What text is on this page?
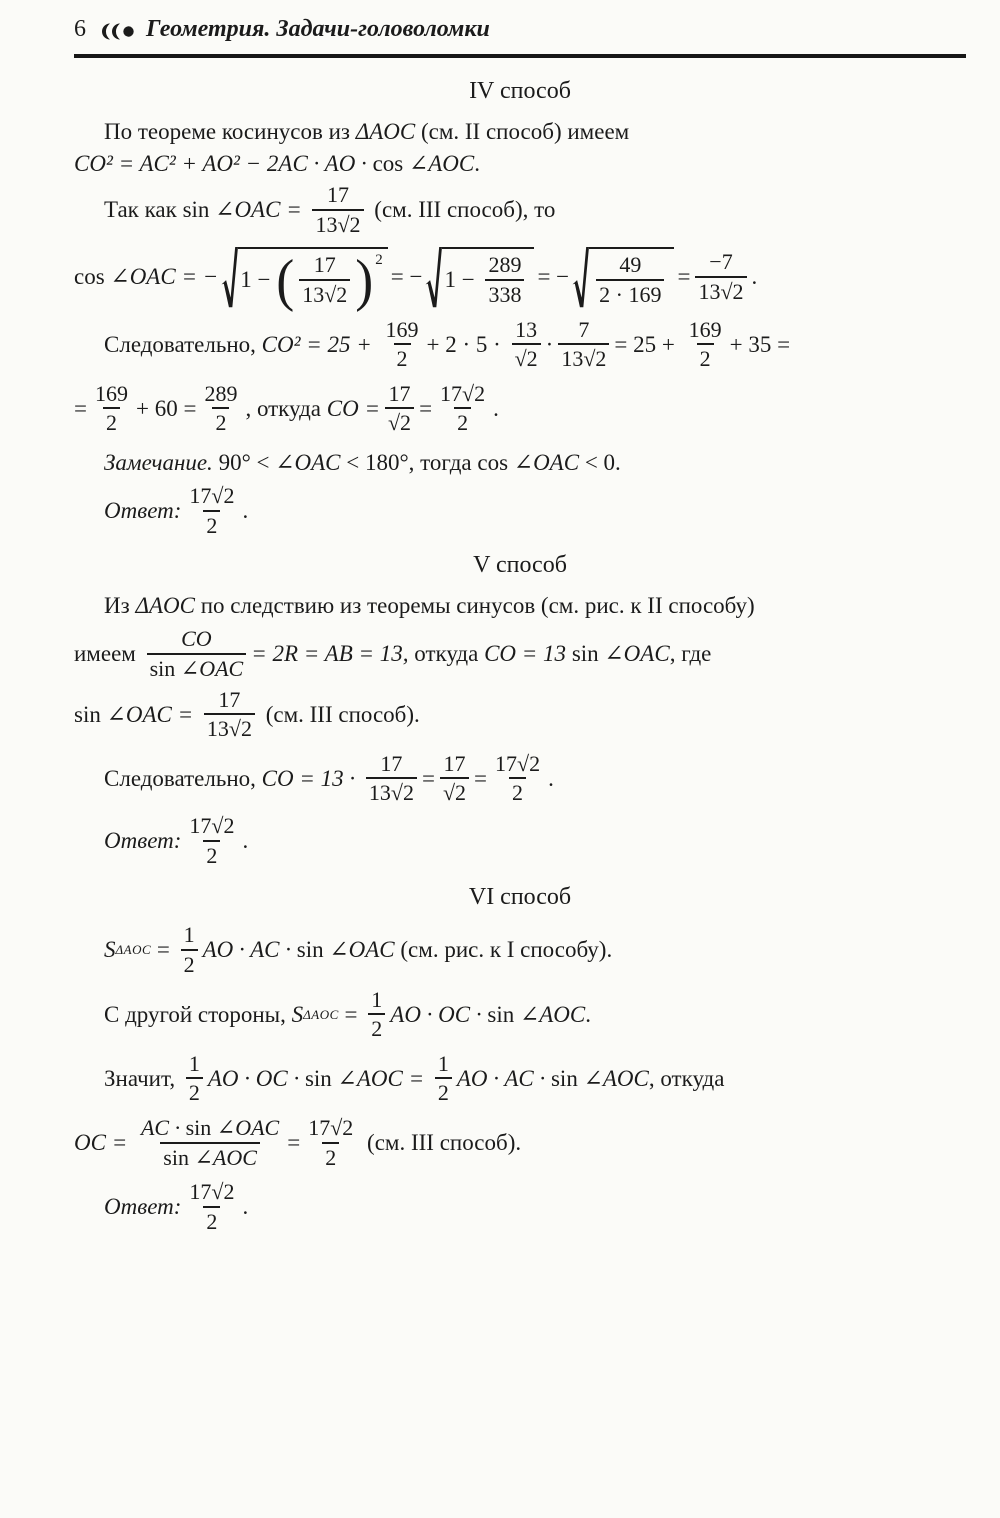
6	Геометрия. Задачи-головоломки
IV способ
По теореме косинусов из ΔAOC (см. II способ) имеем
CO² = AC² + AO² − 2AC · AO · cos ∠AOC.
Так как sin ∠OAC = $\frac{17}{13√2} (см$. III способ), то
cos ∠OAC = − 1 − ( $\frac{17}{13√2}$ ) 2
= − $1 - \frac{289}{338}$ = − $\frac{49}{2 \cdot 169} = \frac{-7}{13√2}$ .
Следовательно, $CO^2 = 25 + \frac{169}{2} + 2 \cdot 5 \cdot \frac{13}{√2} \cdot \frac{7}{13√2} = 25 + \frac{169}{2} + 35$ =
= $\frac{169}{2} + 60 = \frac{289}{2}$ , откуда CO = $\frac{17}{√2} = \frac{17√2}{2}$ .
Замечание. 90° < ∠OAC < 180°, тогда cos ∠OAC < 0.
Ответ: $\frac{17√2}{2}$ .
V способ
Из ΔAOC по следствию из теоремы синусов (см. рис. к II способу)
имеем
CO
sin ∠OAC
= 2R = AB = 13, откуда CO = 13 sin ∠OAC , где
sin ∠OAC = $\frac{17}{13√2} (см$. III способ).
Следовательно, CO = $13 \cdot \frac{17}{13√2} = \frac{17}{√2} = \frac{17√2}{2}$ .
Ответ: $\frac{17√2}{2}$ .
VI способ
S $\Delta AOC = \frac{1}{2}$ AO · AC · sin ∠OAC (см. рис. к I способу).
С другой стороны, S $\Delta AOC = \frac{1}{2}$ AO · OC · sin ∠AOC .
Значит, $\frac{1}{2}$ AO · OC · sin ∠AOC = $\frac{1}{2}$ AO · AC · sin ∠AOC , откуда
OC =
AC · sin ∠OAC
sin ∠AOC
= $\frac{17√2}{2} (см$. III способ).
Ответ: $\frac{17√2}{2}$ .
